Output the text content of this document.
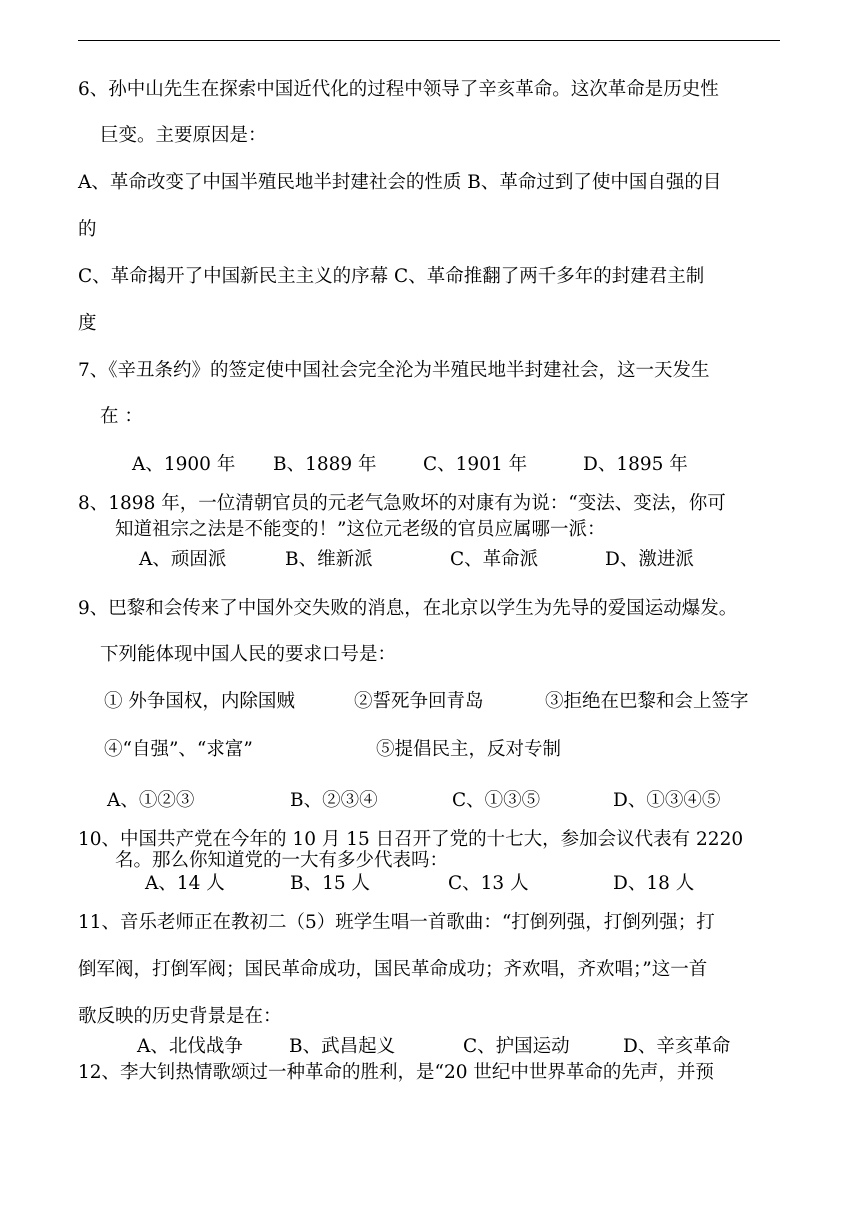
6、孙中山先生在探索中国近代化的过程中领导了辛亥革命。这次革命是历史性
巨变。主要原因是：
A、革命改变了中国半殖民地半封建社会的性质 B、革命过到了使中国自强的目
的
C、革命揭开了中国新民主主义的序幕 C、革命推翻了两千多年的封建君主制
度
7、《辛丑条约》的签定使中国社会完全沦为半殖民地半封建社会，这一天发生
在 ：
A、1900 年 B、1889 年	C、1901 年	D、1895 年
8、1898 年，一位清朝官员的元老气急败坏的对康有为说：“变法、变法，你可
知道祖宗之法是不能变的！”这位元老级的官员应属哪一派：
A、顽固派	B、维新派	C、革命派	D、激进派
9、巴黎和会传来了中国外交失败的消息，在北京以学生为先导的爱国运动爆发。
下列能体现中国人民的要求口号是：
① 外争国权，内除国贼	②誓死争回青岛	③拒绝在巴黎和会上签字
④“自强”、“求富”	⑤提倡民主，反对专制
A、①②③	B、②③④	C、①③⑤	D、①③④⑤
10、中国共产党在今年的 10 月 15 日召开了党的十七大，参加会议代表有 2220
名。那么你知道党的一大有多少代表吗：
A、14 人	B、15 人	C、13 人	D、18 人
11、音乐老师正在教初二（5）班学生唱一首歌曲：“打倒列强，打倒列强；打
倒军阀，打倒军阀；国民革命成功，国民革命成功；齐欢唱，齐欢唱；”这一首
歌反映的历史背景是在：
A、北伐战争 B、武昌起义	C、护国运动	D、辛亥革命
12、李大钊热情歌颂过一种革命的胜利，是“20 世纪中世界革命的先声，并预
